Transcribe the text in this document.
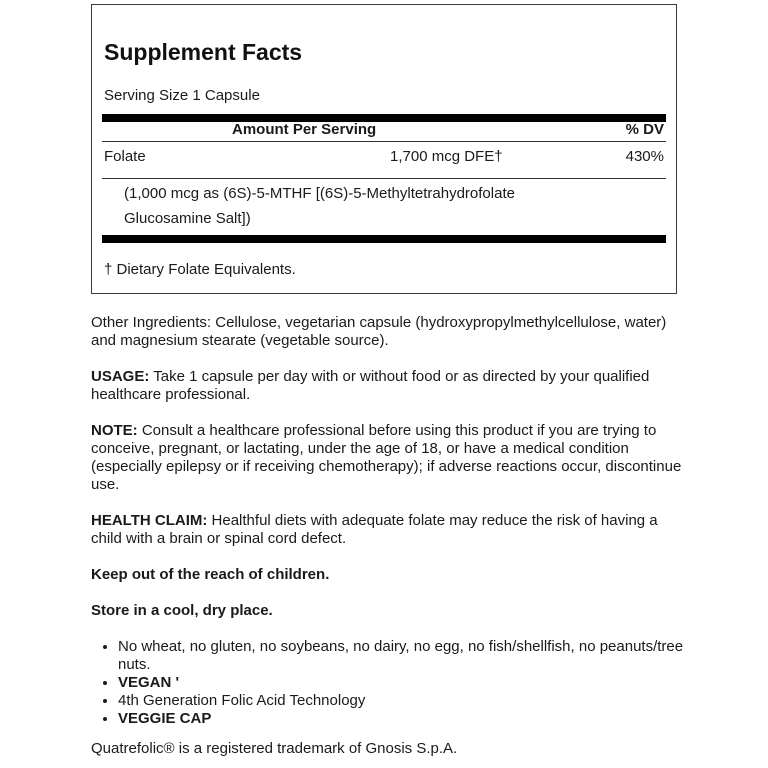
Supplement Facts
Serving Size 1 Capsule
Amount Per Serving	% DV
Folate	1,700 mcg DFE†	430%
(1,000 mcg as (6S)-5-MTHF [(6S)-5-Methyltetrahydrofolate Glucosamine Salt])
† Dietary Folate Equivalents.

Other Ingredients: Cellulose, vegetarian capsule (hydroxypropylmethylcellulose, water) and magnesium stearate (vegetable source).

USAGE: Take 1 capsule per day with or without food or as directed by your qualified healthcare professional.

NOTE: Consult a healthcare professional before using this product if you are trying to conceive, pregnant, or lactating, under the age of 18, or have a medical condition (especially epilepsy or if receiving chemotherapy); if adverse reactions occur, discontinue use.

HEALTH CLAIM: Healthful diets with adequate folate may reduce the risk of having a child with a brain or spinal cord defect.

Keep out of the reach of children.

Store in a cool, dry place.

• No wheat, no gluten, no soybeans, no dairy, no egg, no fish/shellfish, no peanuts/tree nuts.
• VEGAN '
• 4th Generation Folic Acid Technology
• VEGGIE CAP

Quatrefolic® is a registered trademark of Gnosis S.p.A.
